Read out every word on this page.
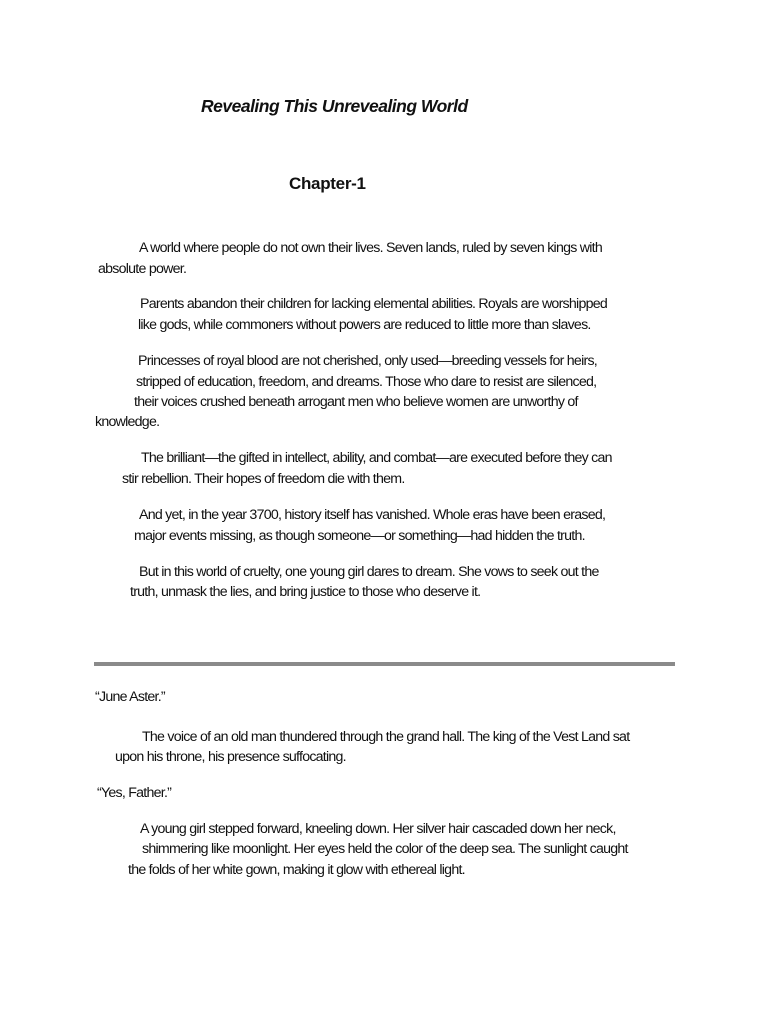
Revealing This Unrevealing World
Chapter-1
A world where people do not own their lives. Seven lands, ruled by seven kings with
absolute power.
Parents abandon their children for lacking elemental abilities. Royals are worshipped
like gods, while commoners without powers are reduced to little more than slaves.
Princesses of royal blood are not cherished, only used—breeding vessels for heirs,
stripped of education, freedom, and dreams. Those who dare to resist are silenced,
their voices crushed beneath arrogant men who believe women are unworthy of
knowledge.
The brilliant—the gifted in intellect, ability, and combat—are executed before they can
stir rebellion. Their hopes of freedom die with them.
And yet, in the year 3700, history itself has vanished. Whole eras have been erased,
major events missing, as though someone—or something—had hidden the truth.
But in this world of cruelty, one young girl dares to dream. She vows to seek out the
truth, unmask the lies, and bring justice to those who deserve it.
“June Aster.”
The voice of an old man thundered through the grand hall. The king of the Vest Land sat
upon his throne, his presence suffocating.
“Yes, Father.”
A young girl stepped forward, kneeling down. Her silver hair cascaded down her neck,
shimmering like moonlight. Her eyes held the color of the deep sea. The sunlight caught
the folds of her white gown, making it glow with ethereal light.
